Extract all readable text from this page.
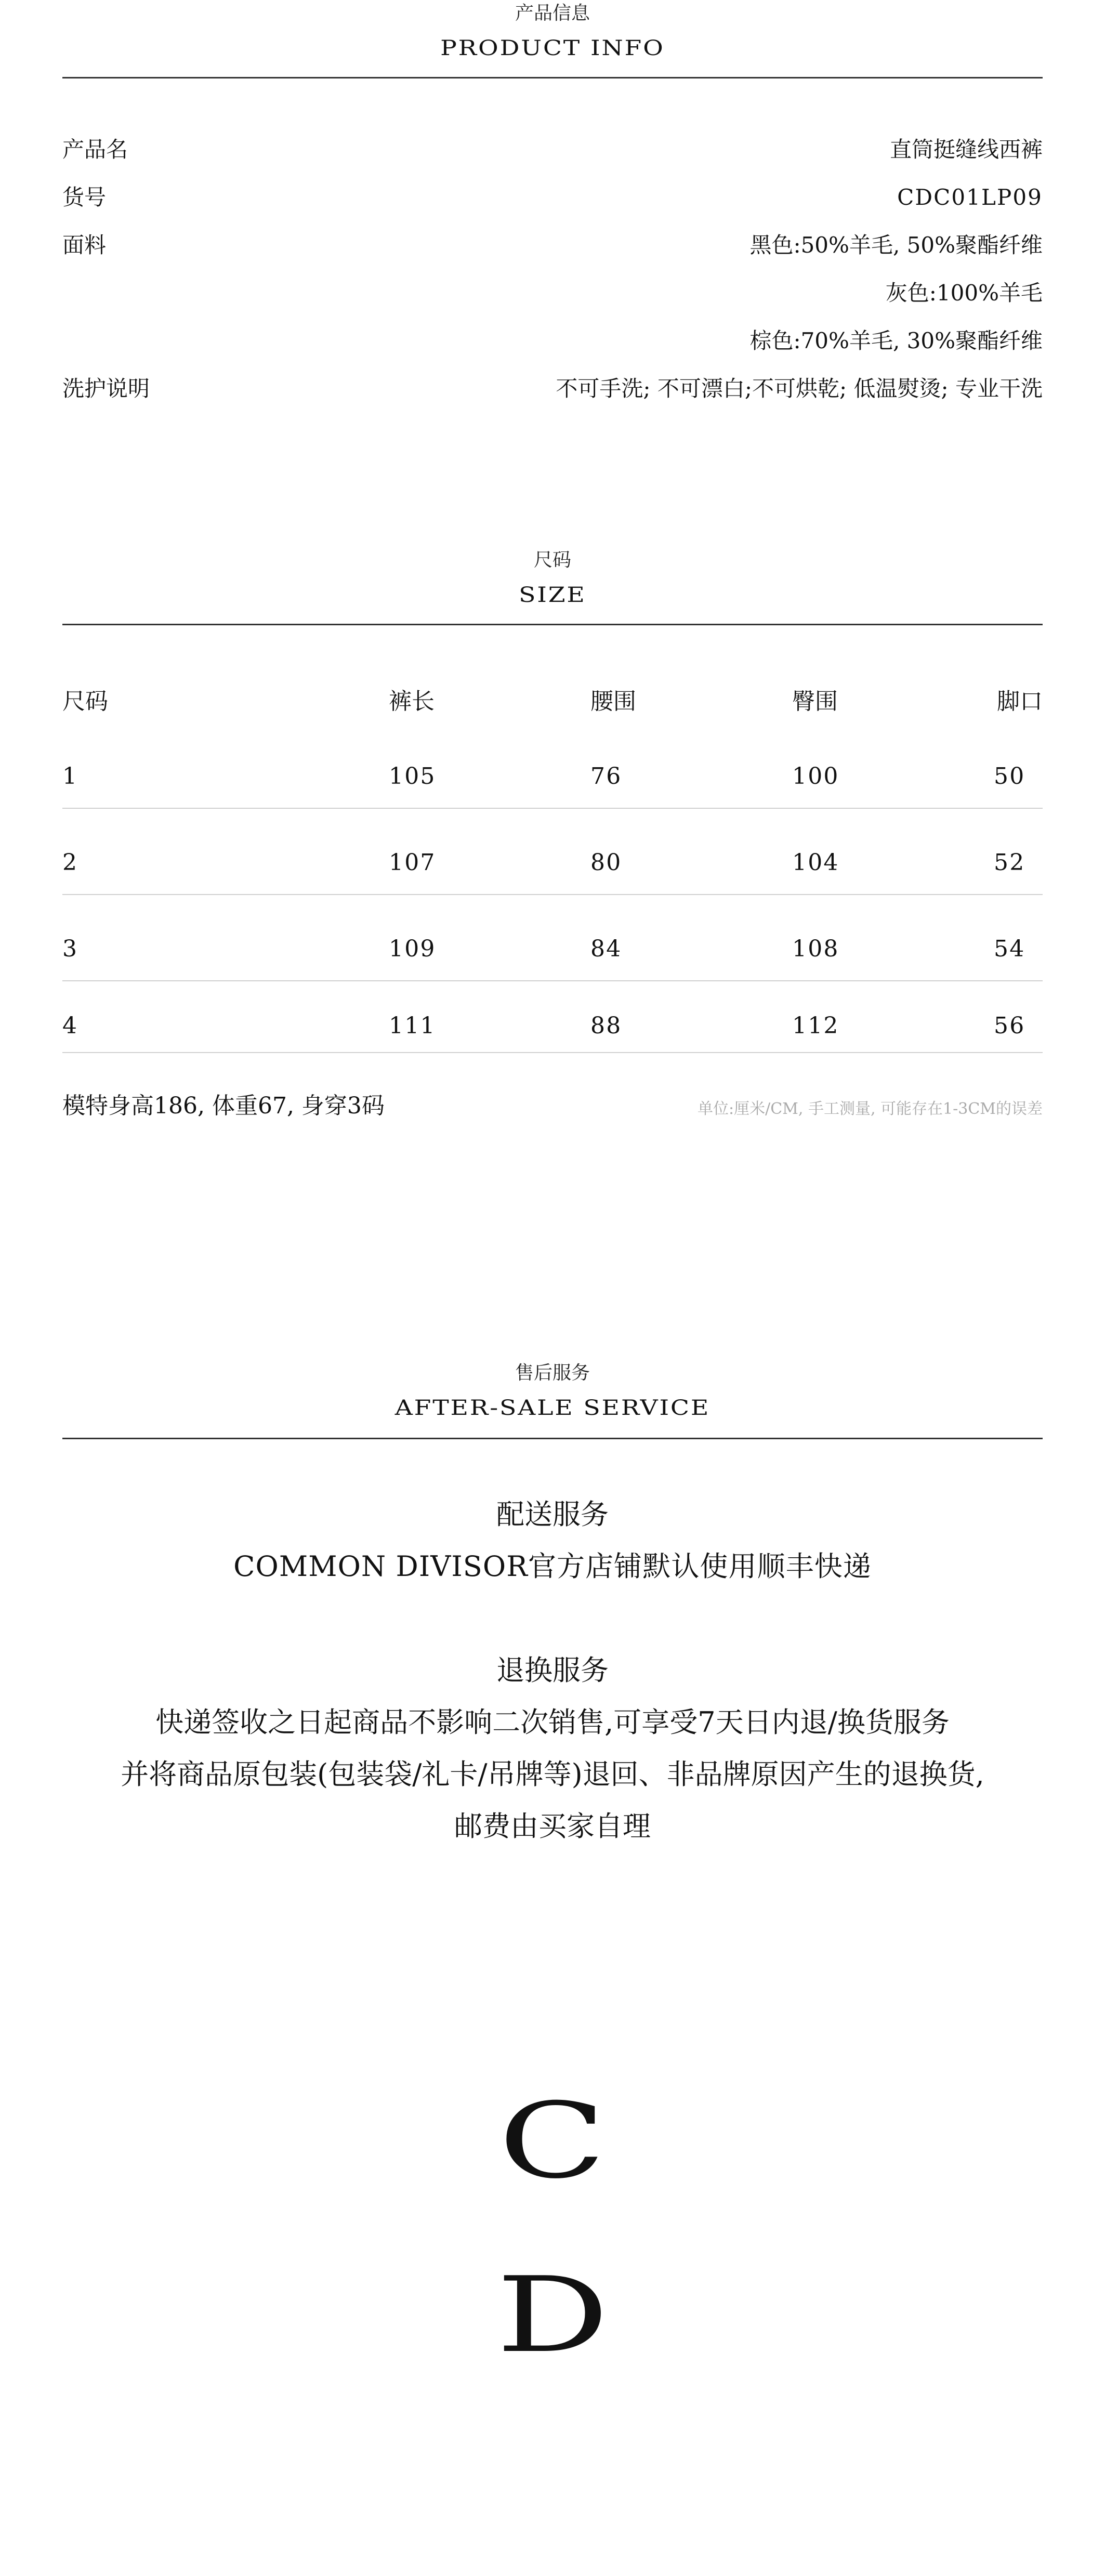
产品信息
PRODUCT INFO
产品名	直筒挺缝线西裤
货号	CDC01LP09
面料	黑色:50%羊毛, 50%聚酯纤维
灰色:100%羊毛
棕色:70%羊毛, 30%聚酯纤维
洗护说明	不可手洗; 不可漂白;不可烘乾; 低温熨烫; 专业干洗
尺码
SIZE
尺码	裤长	腰围	臀围	脚口
1	105	76	100	50
2	107	80	104	52
3	109	84	108	54
4	111	88	112	56
模特身高186, 体重67, 身穿3码	单位:厘米/CM, 手工测量, 可能存在1-3CM的误差
售后服务
AFTER-SALE SERVICE
配送服务
COMMON DIVISOR官方店铺默认使用顺丰快递
退换服务
快递签收之日起商品不影响二次销售,可享受7天日内退/换货服务
并将商品原包装(包装袋/礼卡/吊牌等)退回、非品牌原因产生的退换货,
邮费由买家自理
C
D
